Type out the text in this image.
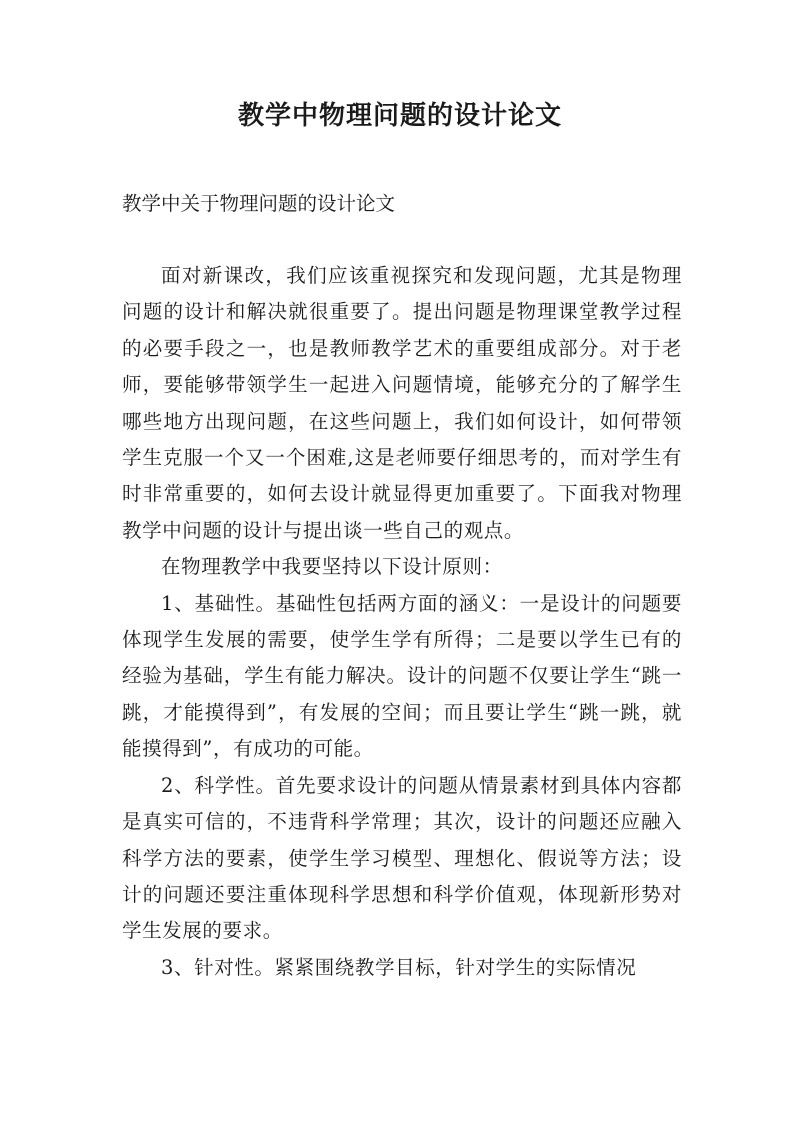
教学中物理问题的设计论文
教学中关于物理问题的设计论文

面对新课改，我们应该重视探究和发现问题，尤其是物理问题的设计和解决就很重要了。提出问题是物理课堂教学过程的必要手段之一，也是教师教学艺术的重要组成部分。对于老师，要能够带领学生一起进入问题情境，能够充分的了解学生哪些地方出现问题，在这些问题上，我们如何设计，如何带领学生克服一个又一个困难,这是老师要仔细思考的，而对学生有时非常重要的，如何去设计就显得更加重要了。下面我对物理教学中问题的设计与提出谈一些自己的观点。

在物理教学中我要坚持以下设计原则：

1、基础性。基础性包括两方面的涵义：一是设计的问题要体现学生发展的需要，使学生学有所得；二是要以学生已有的经验为基础，学生有能力解决。设计的问题不仅要让学生“跳一跳，才能摸得到”，有发展的空间；而且要让学生“跳一跳，就能摸得到”，有成功的可能。

2、科学性。首先要求设计的问题从情景素材到具体内容都是真实可信的，不违背科学常理；其次，设计的问题还应融入科学方法的要素，使学生学习模型、理想化、假说等方法；设计的问题还要注重体现科学思想和科学价值观，体现新形势对学生发展的要求。

3、针对性。紧紧围绕教学目标，针对学生的实际情况
